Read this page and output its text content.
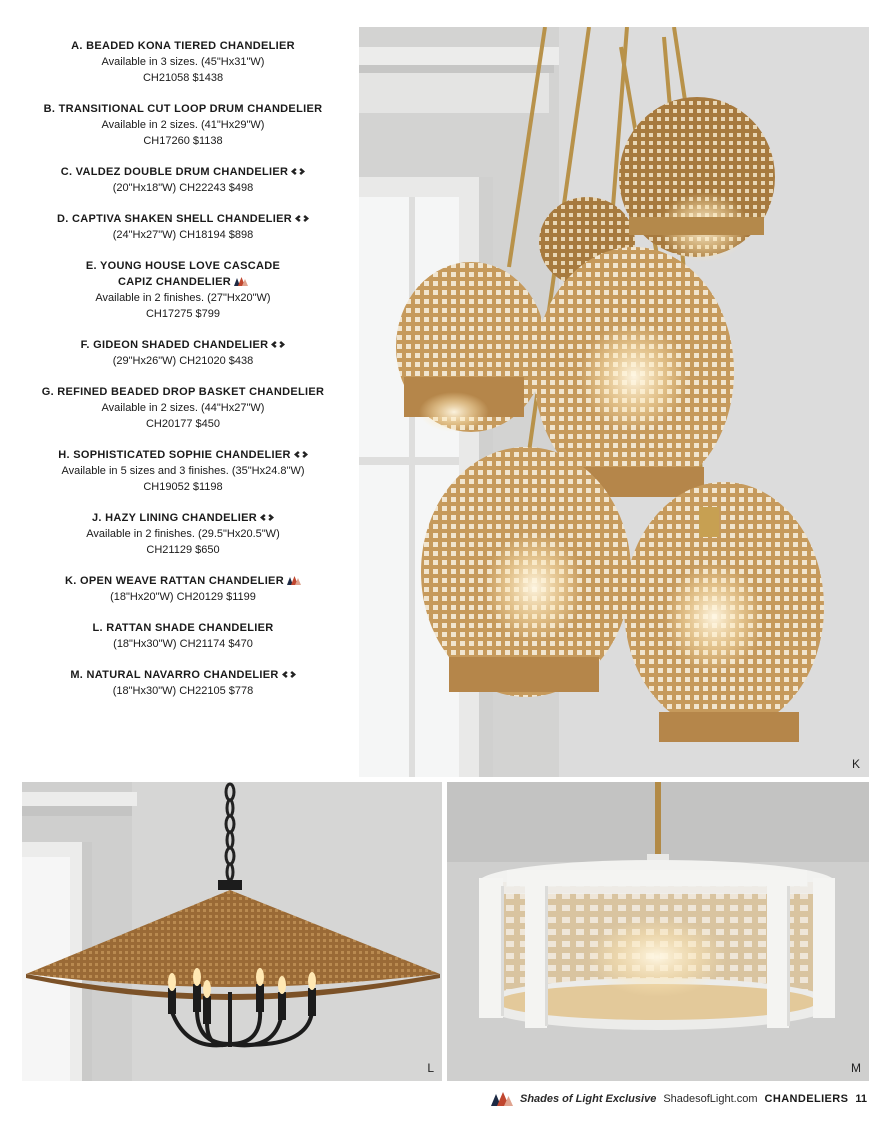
A. BEADED KONA TIERED CHANDELIER
Available in 3 sizes. (45"Hx31"W)
CH21058 $1438
B. TRANSITIONAL CUT LOOP DRUM CHANDELIER
Available in 2 sizes. (41"Hx29"W)
CH17260 $1138
C. VALDEZ DOUBLE DRUM CHANDELIER
(20"Hx18"W) CH22243 $498
D. CAPTIVA SHAKEN SHELL CHANDELIER
(24"Hx27"W) CH18194 $898
E. YOUNG HOUSE LOVE CASCADE
CAPIZ CHANDELIER
Available in 2 finishes. (27"Hx20"W)
CH17275 $799
F. GIDEON SHADED CHANDELIER
(29"Hx26"W) CH21020 $438
G. REFINED BEADED DROP BASKET CHANDELIER
Available in 2 sizes. (44"Hx27"W)
CH20177 $450
H. SOPHISTICATED SOPHIE CHANDELIER
Available in 5 sizes and 3 finishes. (35"Hx24.8"W)
CH19052 $1198
J. HAZY LINING CHANDELIER
Available in 2 finishes. (29.5"Hx20.5"W)
CH21129 $650
K. OPEN WEAVE RATTAN CHANDELIER
(18"Hx20"W) CH20129 $1199
L. RATTAN SHADE CHANDELIER
(18"Hx30"W) CH21174 $470
M. NATURAL NAVARRO CHANDELIER
(18"Hx30"W) CH22105 $778
K
L	M
Shades of Light Exclusive ShadesofLight.com CHANDELIERS 11
